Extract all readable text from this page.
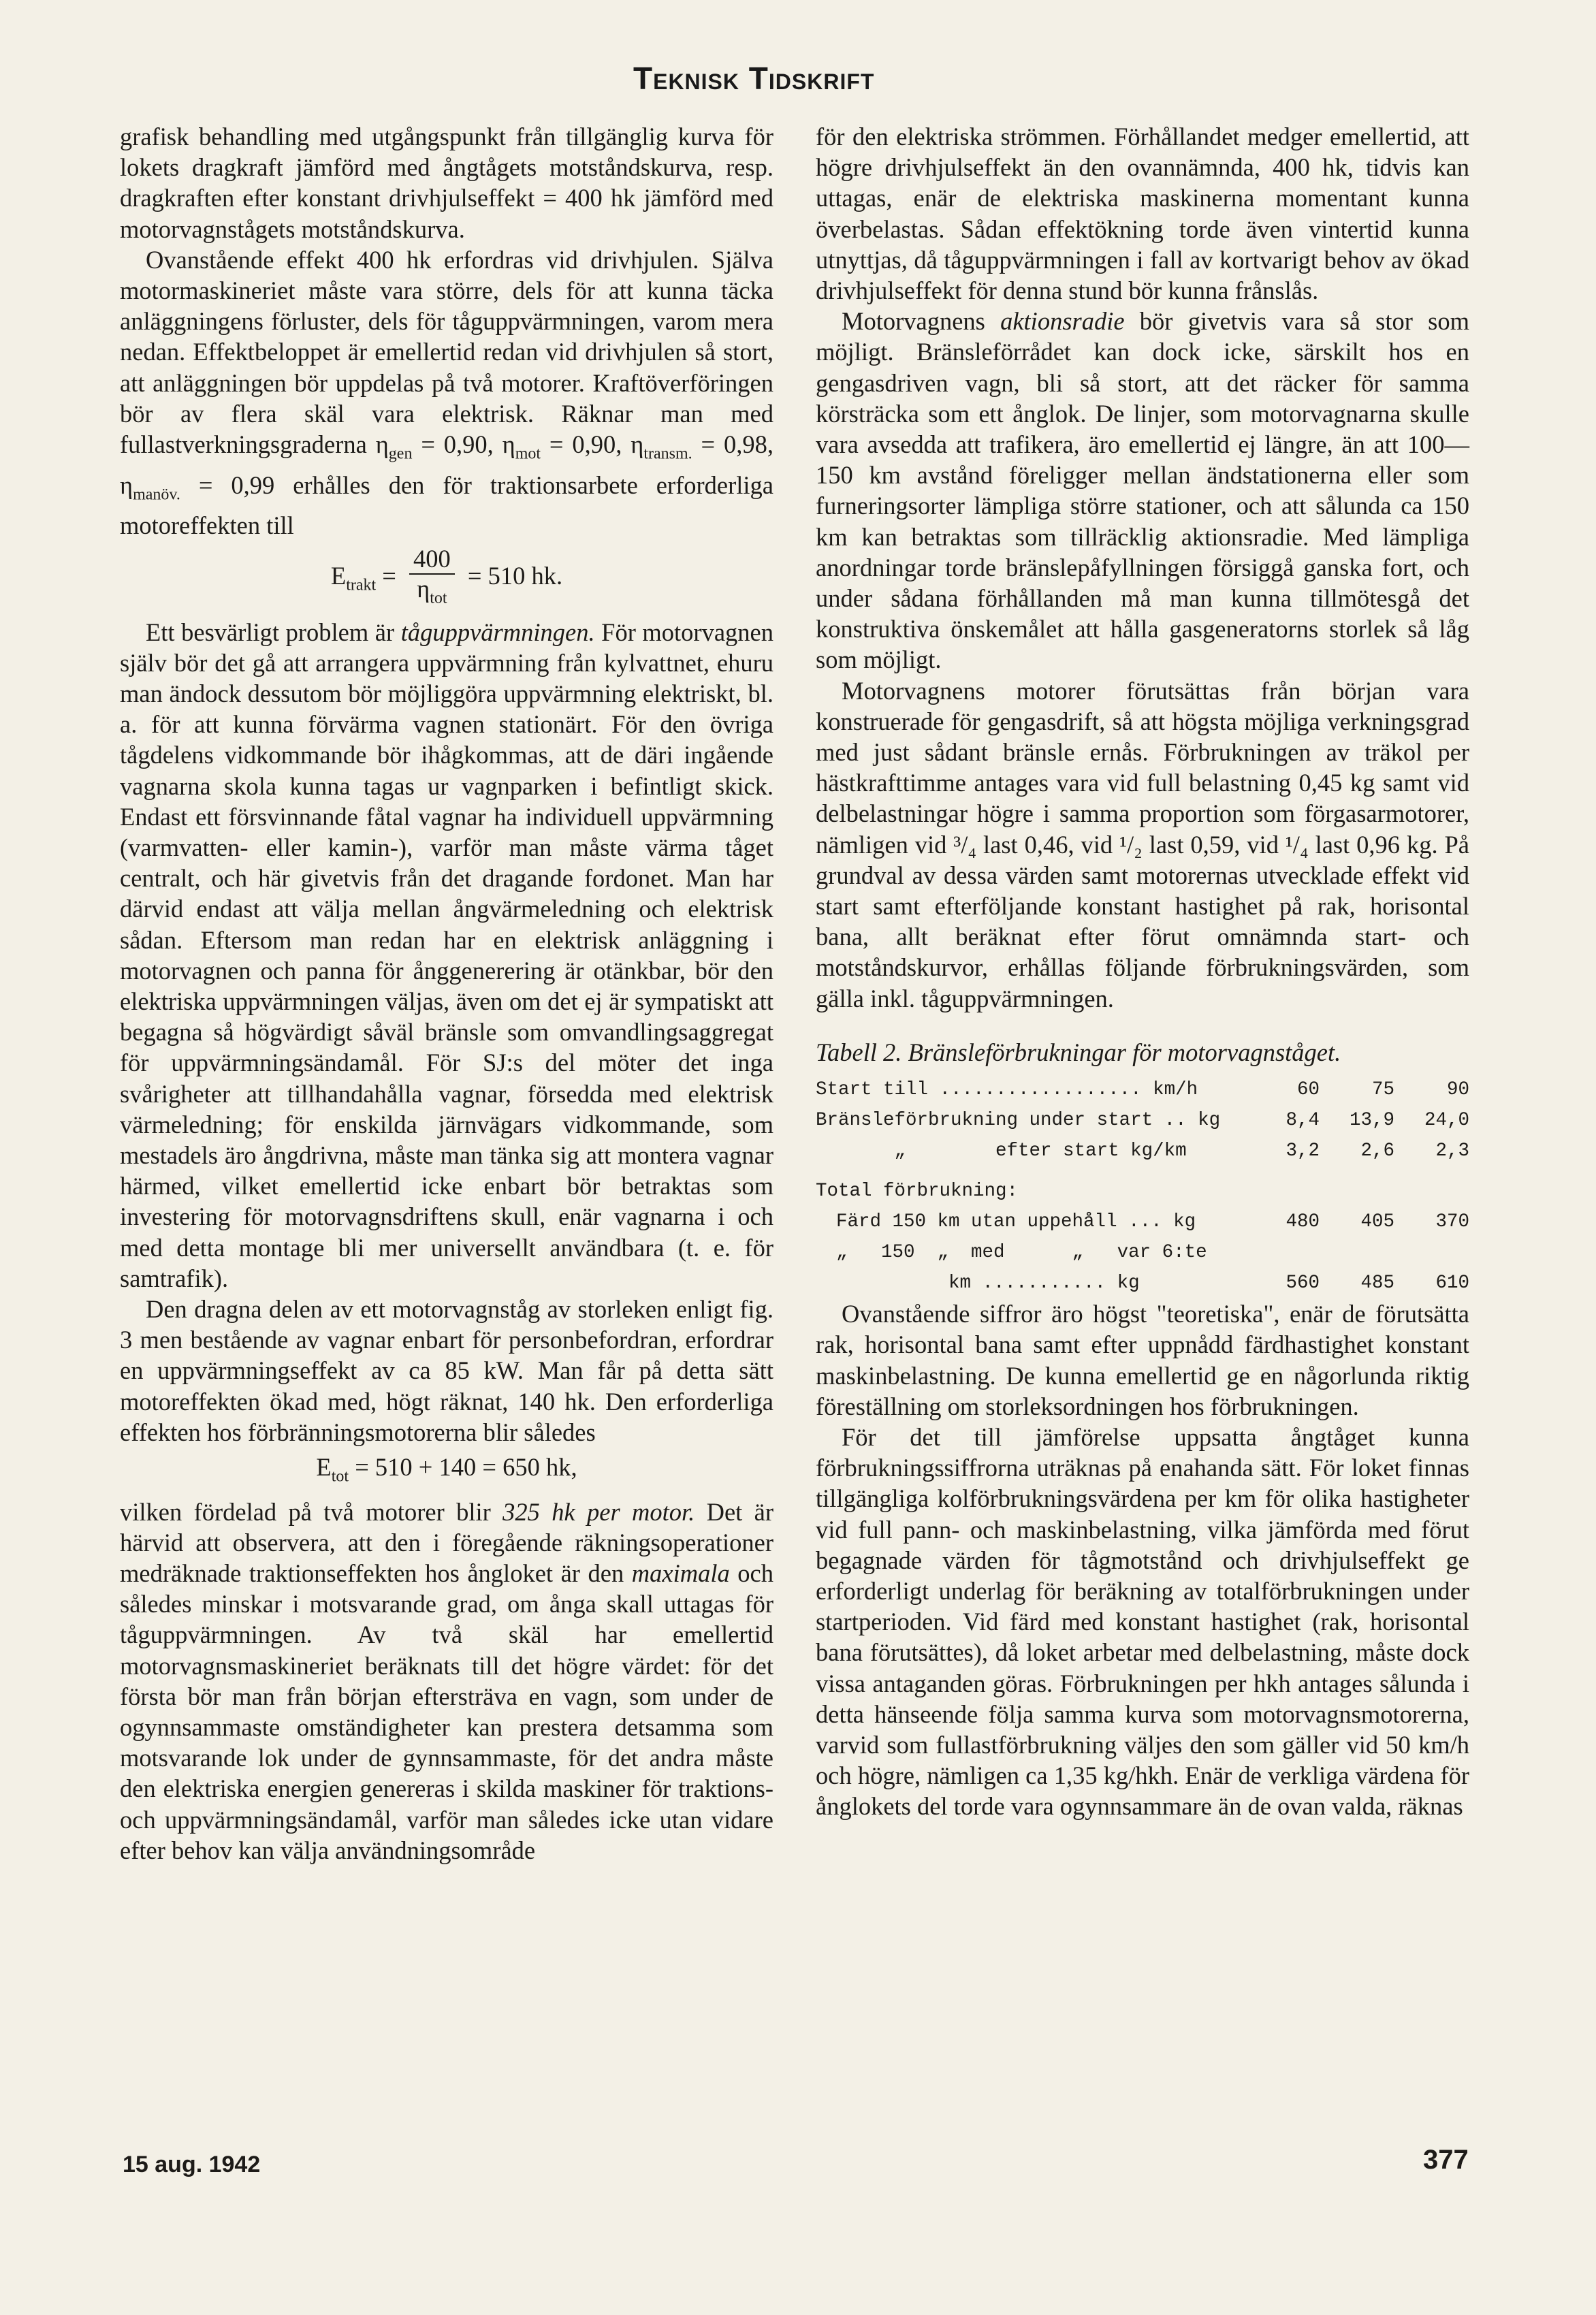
Teknisk Tidskrift

grafisk behandling med utgångspunkt från tillgänglig kurva för lokets dragkraft jämförd med ångtågets motståndskurva, resp. dragkraften efter konstant drivhjulseffekt = 400 hk jämförd med motorvagnstågets motståndskurva.

Ovanstående effekt 400 hk erfordras vid drivhjulen. Själva motormaskineriet måste vara större, dels för att kunna täcka anläggningens förluster, dels för tåguppvärmningen, varom mera nedan. Effektbeloppet är emellertid redan vid drivhjulen så stort, att anläggningen bör uppdelas på två motorer. Kraftöverföringen bör av flera skäl vara elektrisk. Räknar man med fullastverkningsgraderna $\eta_{gen} = 0,90$, $\eta_{mot} = 0,90$, $\eta_{transm.} = 0,98$, $\eta_{manöv.} = 0,99$ erhålles den för traktionsarbete erforderliga motoreffekten till

$E_{trakt} = \frac{400}{\eta_{tot}} = 510$ hk.

Ett besvärligt problem är tåguppvärmningen. För motorvagnen själv bör det gå att arrangera uppvärmning från kylvattnet, ehuru man ändock dessutom bör möjliggöra uppvärmning elektriskt, bl. a. för att kunna förvärma vagnen stationärt. För den övriga tågdelens vidkommande bör ihågkommas, att de däri ingående vagnarna skola kunna tagas ur vagnparken i befintligt skick. Endast ett försvinnande fåtal vagnar ha individuell uppvärmning (varmvatten- eller kamin-), varför man måste värma tåget centralt, och här givetvis från det dragande fordonet. Man har därvid endast att välja mellan ångvärmeledning och elektrisk sådan. Eftersom man redan har en elektrisk anläggning i motorvagnen och panna för ånggenerering är otänkbar, bör den elektriska uppvärmningen väljas, även om det ej är sympatiskt att begagna så högvärdigt såväl bränsle som omvandlingsaggregat för uppvärmningsändamål. För SJ:s del möter det inga svårigheter att tillhandahålla vagnar, försedda med elektrisk värmeledning; för enskilda järnvägars vidkommande, som mestadels äro ångdrivna, måste man tänka sig att montera vagnar härmed, vilket emellertid icke enbart bör betraktas som investering för motorvagnsdriftens skull, enär vagnarna i och med detta montage bli mer universellt användbara (t. e. för samtrafik).

Den dragna delen av ett motorvagnståg av storleken enligt fig. 3 men bestående av vagnar enbart för personbefordran, erfordrar en uppvärmningseffekt av ca 85 kW. Man får på detta sätt motoreffekten ökad med, högt räknat, 140 hk. Den erforderliga effekten hos förbränningsmotorerna blir således

$E_{tot} = 510 + 140 = 650$ hk,

vilken fördelad på två motorer blir 325 hk per motor. Det är härvid att observera, att den i föregående räkningsoperationer medräknade traktionseffekten hos ångloket är den maximala och således minskar i motsvarande grad, om ånga skall uttagas för tåguppvärmningen. Av två skäl har emellertid motorvagnsmaskineriet beräknats till det högre värdet: för det första bör man från början eftersträva en vagn, som under de ogynnsammaste omständigheter kan prestera detsamma som motsvarande lok under de gynnsammaste, för det andra måste den elektriska energien genereras i skilda maskiner för traktions- och uppvärmningsändamål, varför man således icke utan vidare efter behov kan välja användningsområde

för den elektriska strömmen. Förhållandet medger emellertid, att högre drivhjulseffekt än den ovannämnda, 400 hk, tidvis kan uttagas, enär de elektriska maskinerna momentant kunna överbelastas. Sådan effektökning torde även vintertid kunna utnyttjas, då tåguppvärmningen i fall av kortvarigt behov av ökad drivhjulseffekt för denna stund bör kunna frånslås.

Motorvagnens aktionsradie bör givetvis vara så stor som möjligt. Bränsleförrådet kan dock icke, särskilt hos en gengasdriven vagn, bli så stort, att det räcker för samma körsträcka som ett ånglok. De linjer, som motorvagnarna skulle vara avsedda att trafikera, äro emellertid ej längre, än att 100—150 km avstånd föreligger mellan ändstationerna eller som furneringsorter lämpliga större stationer, och att sålunda ca 150 km kan betraktas som tillräcklig aktionsradie. Med lämpliga anordningar torde bränslepåfyllningen försiggå ganska fort, och under sådana förhållanden må man kunna tillmötesgå det konstruktiva önskemålet att hålla gasgeneratorns storlek så låg som möjligt.

Motorvagnens motorer förutsättas från början vara konstruerade för gengasdrift, så att högsta möjliga verkningsgrad med just sådant bränsle ernås. Förbrukningen av träkol per hästkrafttimme antages vara vid full belastning 0,45 kg samt vid delbelastningar högre i samma proportion som förgasarmotorer, nämligen vid ³/₄ last 0,46, vid ¹/₂ last 0,59, vid ¹/₄ last 0,96 kg. På grundval av dessa värden samt motorernas utvecklade effekt vid start samt efterföljande konstant hastighet på rak, horisontal bana, allt beräknat efter förut omnämnda start- och motståndskurvor, erhållas följande förbrukningsvärden, som gälla inkl. tåguppvärmningen.

Tabell 2. Bränsleförbrukningar för motorvagnståget.
Start till .................. km/h	60	75	90
Bränsleförbrukning under start .. kg	8,4	13,9	24,0
„        efter start kg/km	3,2	2,6	2,3

Total förbrukning:			
Färd 150 km utan uppehåll ... kg	480	405	370
„   150  „  med      „   var 6:te			
km ........... kg	560	485	610

Ovanstående siffror äro högst "teoretiska", enär de förutsätta rak, horisontal bana samt efter uppnådd färdhastighet konstant maskinbelastning. De kunna emellertid ge en någorlunda riktig föreställning om storleksordningen hos förbrukningen.

För det till jämförelse uppsatta ångtåget kunna förbrukningssiffrorna uträknas på enahanda sätt. För loket finnas tillgängliga kolförbrukningsvärdena per km för olika hastigheter vid full pann- och maskinbelastning, vilka jämförda med förut begagnade värden för tågmotstånd och drivhjulseffekt ge erforderligt underlag för beräkning av totalförbrukningen under startperioden. Vid färd med konstant hastighet (rak, horisontal bana förutsättes), då loket arbetar med delbelastning, måste dock vissa antaganden göras. Förbrukningen per hkh antages sålunda i detta hänseende följa samma kurva som motorvagnsmotorerna, varvid som fullastförbrukning väljes den som gäller vid 50 km/h och högre, nämligen ca 1,35 kg/hkh. Enär de verkliga värdena för ånglokets del torde vara ogynnsammare än de ovan valda, räknas

15 aug. 1942	377
